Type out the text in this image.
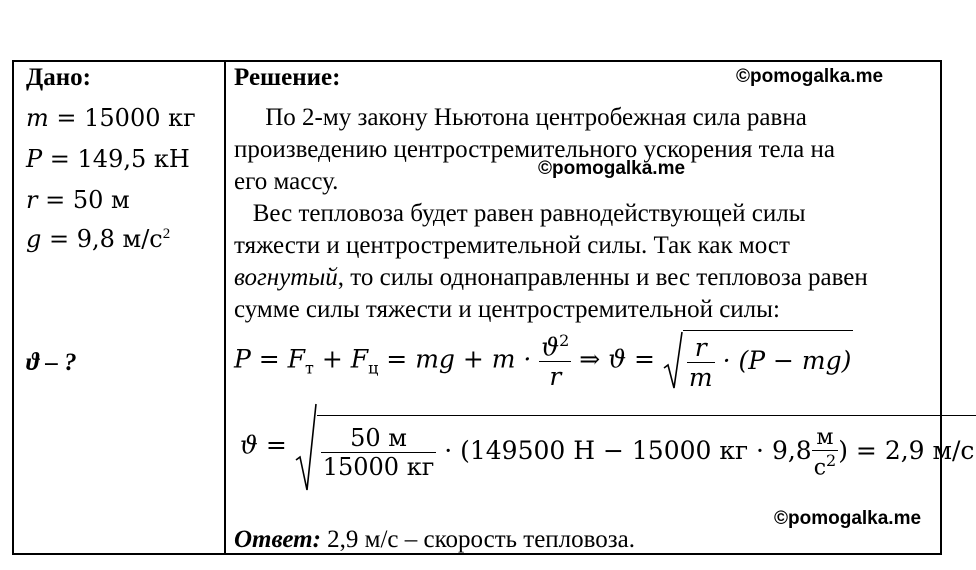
Дано:
m = 15000 кг
P = 149,5 кН
r = 50 м
g = 9,8 $м/с^2$
ϑ – ?
Решение:	©pomogalka.me
По 2-му закону Ньютона центробежная сила равна
произведению центростремительного ускорения тела на
его массу.	©pomogalka.me
Вес тепловоза будет равен равнодействующей силы
тяжести и центростремительной силы. Так как мост
вогнутый, то силы однонаправленны и вес тепловоза равен
сумме силы тяжести и центростремительной силы:
$P = F_т + F_ц$ = mg + $m \cdot \frac{ϑ^2}{r}$ ⇒ $ϑ = \frac{r}{m} \cdot (P - mg)$
$ϑ = \frac{50 м}{15000 кг} \cdot (149500$ Н − 15000 кг · $9,8 \frac{м}{с^2}$ ) = 2,9 м/с
©pomogalka.me
Ответ: 2,9 м/с – скорость тепловоза.
